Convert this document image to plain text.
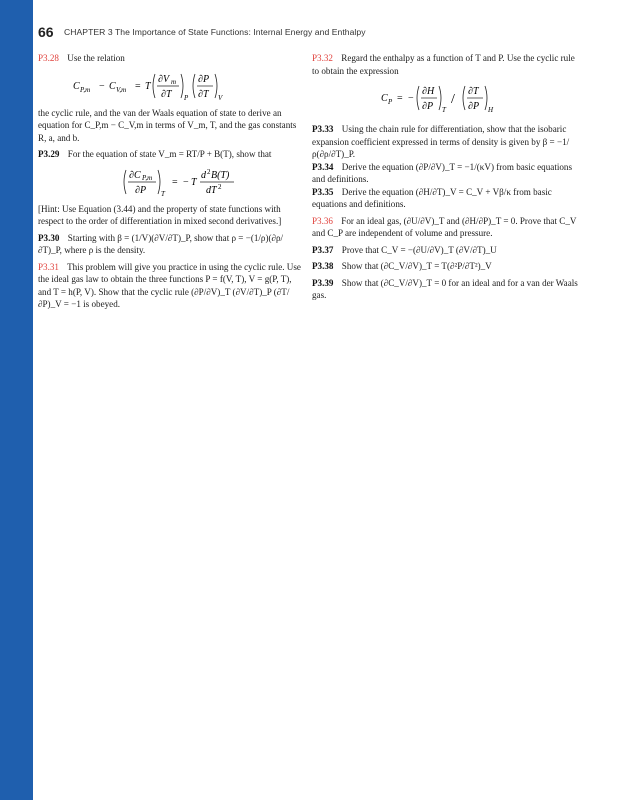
66 CHAPTER 3 The Importance of State Functions: Internal Energy and Enthalpy
P3.28 Use the relation
C P,m − C V,m = T
∂V m
∂T P
∂P
∂T V
the cyclic rule, and the van der Waals equation of state to derive an equation for C_P,m − C_V,m in terms of V_m, T, and the gas constants R, a, and b.
P3.29 For the equation of state V_m = RT/P + B(T), show that
∂C P,m
∂P T
= − T
d 2 B(T)
dT 2
[Hint: Use Equation (3.44) and the property of state functions with respect to the order of differentiation in mixed second derivatives.]
P3.30 Starting with β = (1/V)(∂V/∂T)_P, show that ρ = −(1/ρ)(∂ρ/∂T)_P, where ρ is the density.
P3.31 This problem will give you practice in using the cyclic rule. Use the ideal gas law to obtain the three functions P = f(V, T), V = g(P, T), and T = h(P, V). Show that the cyclic rule (∂P/∂V)_T (∂V/∂T)_P (∂T/∂P)_V = −1 is obeyed.
P3.32 Regard the enthalpy as a function of T and P. Use the cyclic rule to obtain the expression
C P = −
∂H
∂P T
/
∂T
∂P H
P3.33 Using the chain rule for differentiation, show that the isobaric expansion coefficient expressed in terms of density is given by β = −1/ρ(∂ρ/∂T)_P.
P3.34 Derive the equation (∂P/∂V)_T = −1/(κV) from basic equations and definitions.
P3.35 Derive the equation (∂H/∂T)_V = C_V + Vβ/κ from basic equations and definitions.
P3.36 For an ideal gas, (∂U/∂V)_T and (∂H/∂P)_T = 0. Prove that C_V and C_P are independent of volume and pressure.
P3.37 Prove that C_V = −(∂U/∂V)_T (∂V/∂T)_U
P3.38 Show that (∂C_V/∂V)_T = T(∂²P/∂T²)_V
P3.39 Show that (∂C_V/∂V)_T = 0 for an ideal and for a van der Waals gas.
